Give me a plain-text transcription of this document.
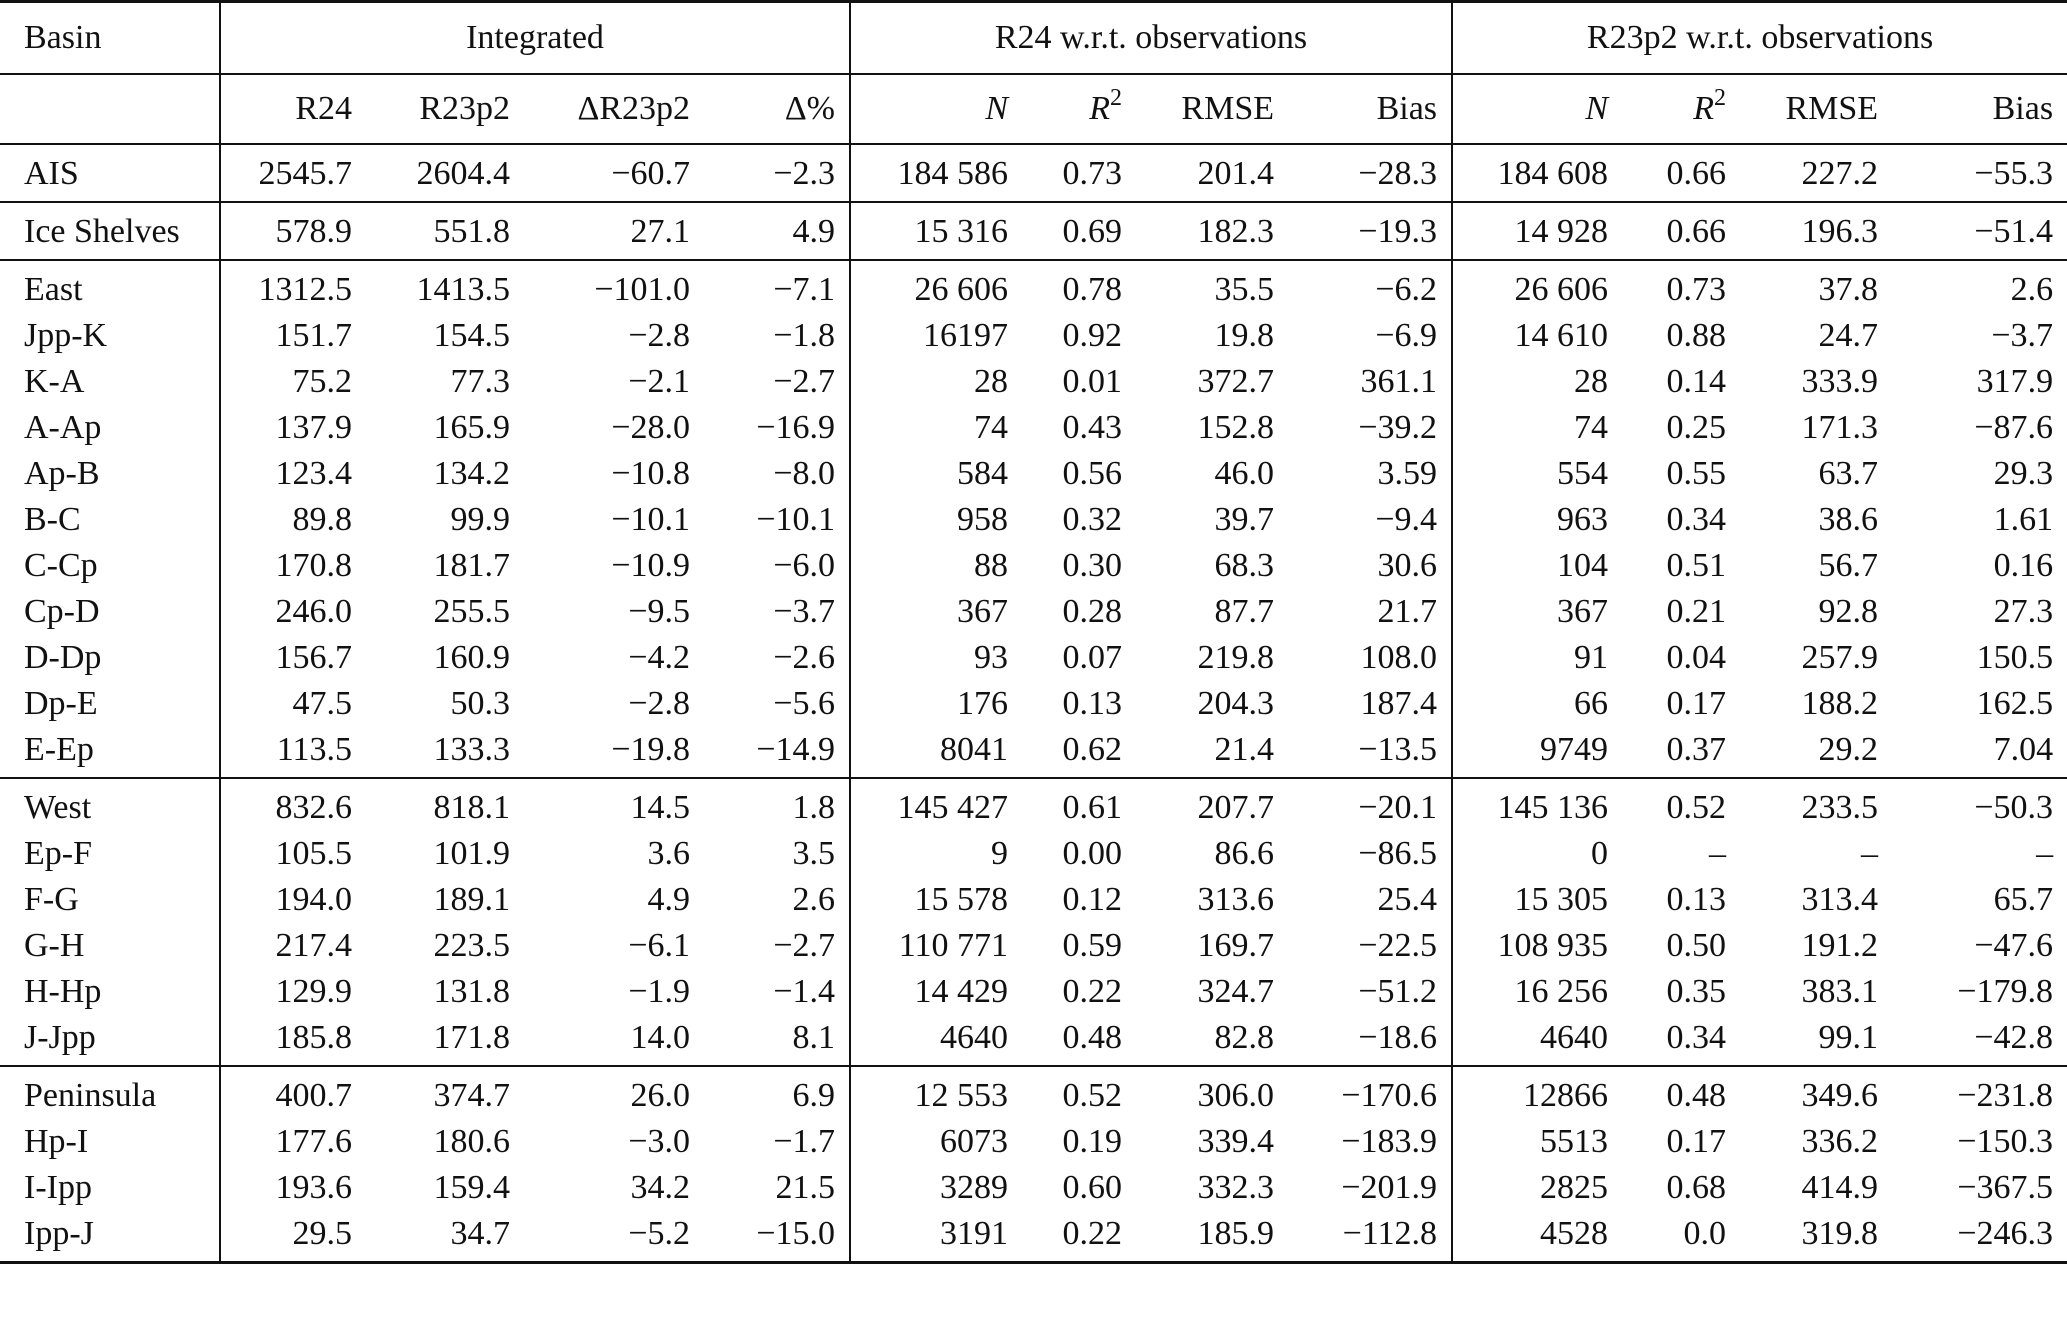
Basin	Integrated				R24 w.r.t. observations				R23p2 w.r.t. observations			
	R24	R23p2	ΔR23p2	Δ%	N	$R^2$	RMSE	Bias	N	$R^2$	RMSE	Bias
AIS	2545.7	2604.4	−60.7	−2.3	184 586	0.73	201.4	−28.3	184 608	0.66	227.2	−55.3
Ice Shelves	578.9	551.8	27.1	4.9	15 316	0.69	182.3	−19.3	14 928	0.66	196.3	−51.4
East	1312.5	1413.5	−101.0	−7.1	26 606	0.78	35.5	−6.2	26 606	0.73	37.8	2.6
Jpp-K	151.7	154.5	−2.8	−1.8	16197	0.92	19.8	−6.9	14 610	0.88	24.7	−3.7
K-A	75.2	77.3	−2.1	−2.7	28	0.01	372.7	361.1	28	0.14	333.9	317.9
A-Ap	137.9	165.9	−28.0	−16.9	74	0.43	152.8	−39.2	74	0.25	171.3	−87.6
Ap-B	123.4	134.2	−10.8	−8.0	584	0.56	46.0	3.59	554	0.55	63.7	29.3
B-C	89.8	99.9	−10.1	−10.1	958	0.32	39.7	−9.4	963	0.34	38.6	1.61
C-Cp	170.8	181.7	−10.9	−6.0	88	0.30	68.3	30.6	104	0.51	56.7	0.16
Cp-D	246.0	255.5	−9.5	−3.7	367	0.28	87.7	21.7	367	0.21	92.8	27.3
D-Dp	156.7	160.9	−4.2	−2.6	93	0.07	219.8	108.0	91	0.04	257.9	150.5
Dp-E	47.5	50.3	−2.8	−5.6	176	0.13	204.3	187.4	66	0.17	188.2	162.5
E-Ep	113.5	133.3	−19.8	−14.9	8041	0.62	21.4	−13.5	9749	0.37	29.2	7.04
West	832.6	818.1	14.5	1.8	145 427	0.61	207.7	−20.1	145 136	0.52	233.5	−50.3
Ep-F	105.5	101.9	3.6	3.5	9	0.00	86.6	−86.5	0	–	–	–
F-G	194.0	189.1	4.9	2.6	15 578	0.12	313.6	25.4	15 305	0.13	313.4	65.7
G-H	217.4	223.5	−6.1	−2.7	110 771	0.59	169.7	−22.5	108 935	0.50	191.2	−47.6
H-Hp	129.9	131.8	−1.9	−1.4	14 429	0.22	324.7	−51.2	16 256	0.35	383.1	−179.8
J-Jpp	185.8	171.8	14.0	8.1	4640	0.48	82.8	−18.6	4640	0.34	99.1	−42.8
Peninsula	400.7	374.7	26.0	6.9	12 553	0.52	306.0	−170.6	12866	0.48	349.6	−231.8
Hp-I	177.6	180.6	−3.0	−1.7	6073	0.19	339.4	−183.9	5513	0.17	336.2	−150.3
I-Ipp	193.6	159.4	34.2	21.5	3289	0.60	332.3	−201.9	2825	0.68	414.9	−367.5
Ipp-J	29.5	34.7	−5.2	−15.0	3191	0.22	185.9	−112.8	4528	0.0	319.8	−246.3
